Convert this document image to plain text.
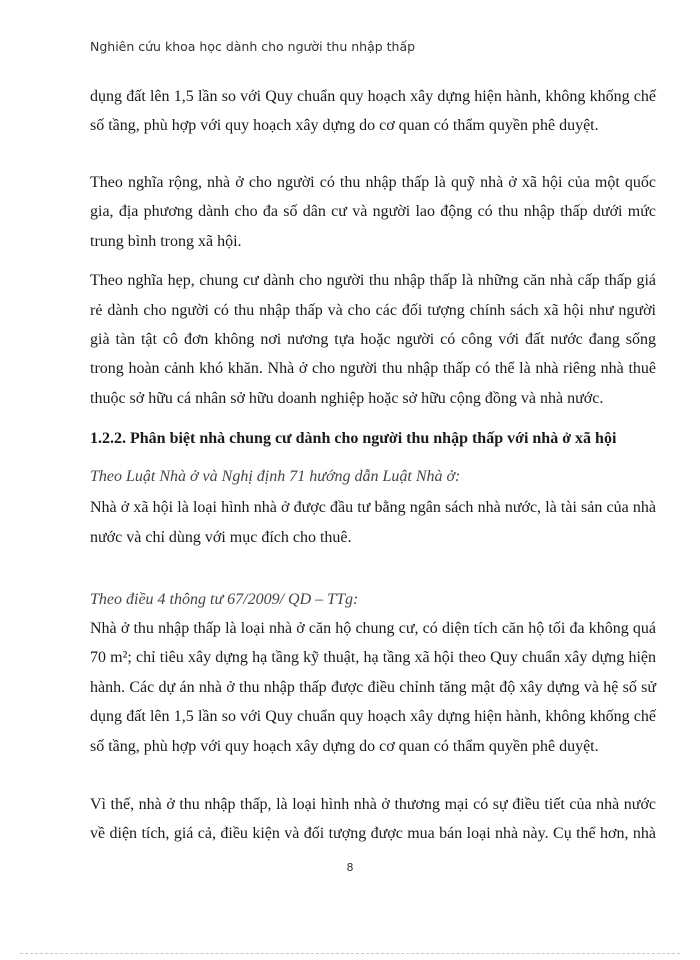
Nghiên cứu khoa học dành cho người thu nhập thấp
dụng đất lên 1,5 lần so với Quy chuẩn quy hoạch xây dựng hiện hành, không khống chế
số tầng, phù hợp với quy hoạch xây dựng do cơ quan có thẩm quyền phê duyệt.
Theo nghĩa rộng, nhà ở cho người có thu nhập thấp là quỹ nhà ở xã hội của một quốc
gia, địa phương dành cho đa số dân cư và người lao động có thu nhập thấp dưới mức
trung bình trong xã hội.
Theo nghĩa hẹp, chung cư dành cho người thu nhập thấp là những căn nhà cấp thấp giá
rẻ dành cho người có thu nhập thấp và cho các đối tượng chính sách xã hội như người
già tàn tật cô đơn không nơi nương tựa hoặc người có công với đất nước đang sống
trong hoàn cảnh khó khăn. Nhà ở cho người thu nhập thấp có thể là nhà riêng nhà thuê
thuộc sở hữu cá nhân sở hữu doanh nghiệp hoặc sở hữu cộng đồng và nhà nước.
1.2.2. Phân biệt nhà chung cư dành cho người thu nhập thấp với nhà ở xã hội
Theo Luật Nhà ở và Nghị định 71 hướng dẫn Luật Nhà ở:
Nhà ở xã hội là loại hình nhà ở được đầu tư bằng ngân sách nhà nước, là tài sản của nhà
nước và chỉ dùng với mục đích cho thuê.
Theo điều 4 thông tư 67/2009/ QD – TTg:
Nhà ở thu nhập thấp là loại nhà ở căn hộ chung cư, có diện tích căn hộ tối đa không quá
70 m²; chỉ tiêu xây dựng hạ tầng kỹ thuật, hạ tầng xã hội theo Quy chuẩn xây dựng hiện
hành. Các dự án nhà ở thu nhập thấp được điều chỉnh tăng mật độ xây dựng và hệ số sử
dụng đất lên 1,5 lần so với Quy chuẩn quy hoạch xây dựng hiện hành, không khống chế
số tầng, phù hợp với quy hoạch xây dựng do cơ quan có thẩm quyền phê duyệt.
Vì thế, nhà ở thu nhập thấp, là loại hình nhà ở thương mại có sự điều tiết của nhà nước
về diện tích, giá cả, điều kiện và đối tượng được mua bán loại nhà này. Cụ thể hơn, nhà
8
